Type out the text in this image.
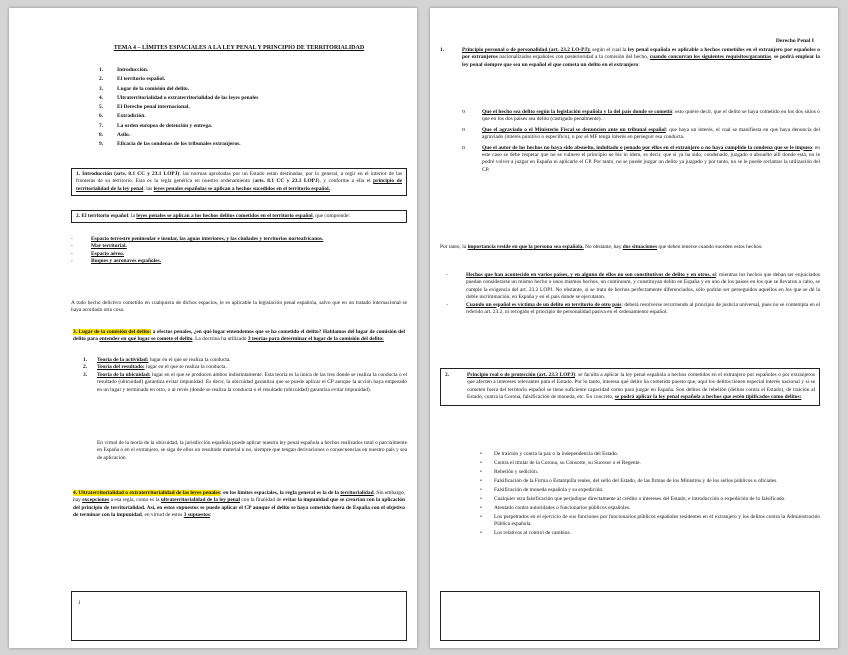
TEMA 4 – LÍMITES ESPACIALES A LA LEY PENAL Y PRINCIPIO DE TERRITORIALIDAD
1.	Introducción.
2.	El territorio español.
3.	Lugar de la comisión del delito.
4.	Ultraterritorialidad o extraterritorialidad de las leyes penales
5.	El Derecho penal internacional.
6.	Extradición.
7.	La orden europea de detención y entrega.
8.	Asilo.
9.	Eficacia de las condenas de los tribunales extranjeros.

1. Introducción (arts. 8.1 CC y 23.1 LOPJ): las normas aprobadas por un Estado están destinadas, por lo general, a regir en el interior de las fronteras de su territorio. Esta es la regla genérica en nuestro ordenamiento (arts. 8.1 CC y 23.1 LOPJ), y conforme a ella el principio de territorialidad de la ley penal: las leyes penales españolas se aplican a hechos sucedidos en el territorio español.

2. El territorio español: la leyes penales se aplican a los hechos delitos cometidos en el territorio español, que comprende:

- Espacio terrestre peninsular e insular, las aguas interiores, y las ciudades y territorios norteafricanos.
- Mar territorial.
- Espacio aéreo.
- Buques y aeronaves españoles.

A todo hecho delictivo cometido en cualquiera de dichos espacios, le es aplicable la legislación penal española, salvo que en un tratado internacional se haya acordado otra cosa.

3. Lugar de la comisión del delito: a efectos penales, ¿en qué lugar entendemos que se ha cometido el delito? Hablamos del lugar de comisión del delito para entender en qué lugar se comete el delito. La doctrina ha utilizado 3 teorías para determinar el lugar de la comisión del delito:

1. Teoría de la actividad: lugar en el que se realiza la conducta.
2. Teoría del resultado: lugar en el que se realiza la conducta.
3. Teoría de la ubicuidad: lugar en el que se producen ambos indistintamente. Esta teoría es la única de las tres donde se realiza la conducta o el resultado (ubicuidad) garantiza evitar impunidad. Es decir, la ubicuidad garantiza que se puede aplicar el CP aunque la acción haya empezado en un lugar y terminado en otro, o al revés (donde se realiza la conducta o el resultado (ubicuidad) garantiza evitar impunidad).

En virtud de la teoría de la ubicuidad, la jurisdicción española puede aplicar nuestra ley penal española a hechos realizados total o parcialmente en España o en el extranjero, se siga de ellos un resultado material o no, siempre que tengan derivaciones o consecuencias en nuestro país y sea de aplicación

4. Ultraterritorialidad o extraterritorialidad de las leyes penales: en los límites espaciales, la regla general es la de la territorialidad. Sin embargo, hay excepciones a esa regla, como es la ultraterritorialidad de la ley penal con la finalidad de evitar la impunidad que se crearían con la aplicación del principio de territorialidad. Así, en estos supuestos se puede aplicar el CP aunque el delito se haya cometido fuera de España con el objetivo de terminar con la impunidad, en virtud de estos 3 supuestos:

1
Derecho Penal I
1.	Principio personal o de personalidad (art. 23.2 LO-PJ): según el cual la ley penal española es aplicable a hechos cometidos en el extranjero por españoles o por extranjeros nacionalizados españoles con posterioridad a la comisión del hecho, cuando concurran los siguientes requisitos/garantías, se podrá emplear la ley penal siempre que sea un español el que cometa un delito en el extranjero:
o Que el hecho sea delito según la legislación española y la del país donde se cometió: esto quiere decir, que el delito se haya cometido en los dos sitios o que en los dos países sea delito (castigado penalmente).
o Que el agraviado o el Ministerio Fiscal se denuncien ante un tribunal español: que haya un interés, el cual se manifiesta en que haya denuncia del agraviado (interés punitivo o específico), o por el MF tenga interés en perseguir esa conducta.
o Que el autor de los hechos no haya sido absuelto, indultado o penado por ellos en el extranjero o no haya cumplido la condena que se le impuso: en este caso se debe respetar que no se vulnere el principio ne bis in idem, es decir, que si ya ha sido, condenado, juzgado o absuelto allí donde está, no le podré volver a juzgar en España ni aplicarle el CP. Por tanto, no se puede juzgar un delito ya juzgado y por tanto, no se le puede reclamar la utilización del CP.

Por tanto, la importancia reside en que la persona sea española. No obstante, hay dos situaciones que deben tenerse cuando suceden estos hechos:

- Hechos que han acontecido en varios países, y en alguno de ellos no son constitutivos de delito y en otros, sí: mientras los hechos que deban ser enjuiciados puedan considerarse un mismo hecho o unos mismos hechos, un continuum, y constituyan delito en España y en uno de los países en los que se llevaron a cabo, se cumple la exigencia del art. 23.2 LOPJ. No obstante, si se trata de hechos perfectamente diferenciados, sólo podrán ser perseguidos aquellos en los que se dé la doble incriminación, en España y en el país donde se ejecutaron.
- Cuando un español es víctima de un delito en territorio de otro país: deberá resolverse recurriendo al principio de justicia universal, pues no se contempla en el referido art. 23.2, ni recogido el principio de personalidad pasiva en el ordenamiento español.
2.	Principio real o de protección (art. 23.3 LOPJ): se faculta a aplicar la ley penal española a hechos cometidos en el extranjero por españoles o por extranjeros que afecten a intereses relevantes para el Estado. Por lo tanto, interesa qué delito ha cometido puesto que, aquí los delitos tienen especial interés nacional y si se cometen fuera del territorio español se tiene suficiente capacidad como para juzgar en España. Son delitos de rebelión (delitos contra el Estado), de traición al Estado, contra la Corona, falsificación de moneda, etc. En concreto, se podrá aplicar la ley penal española a hechos que estén tipificados como delitos:
• De traición y contra la paz o la independencia del Estado.
• Contra el titular de la Corona, su Consorte, su Sucesor o el Regente.
• Rebelión y sedición.
• Falsificación de la Firma o Estampilla reales, del sello del Estado, de las firmas de los Ministros y de los sellos públicos u oficiales.
• Falsificación de moneda española y su expedición.
• Cualquier otra falsificación que perjudique directamente al crédito o intereses del Estado, e introducción o expedición de lo falsificado.
• Atentado contra autoridades o funcionarios públicos españoles.
• Los perpetrados en el ejercicio de sus funciones por funcionarios públicos españoles residentes en el extranjero y los delitos contra la Administración Pública española.
• Los relativos al control de cambios.
